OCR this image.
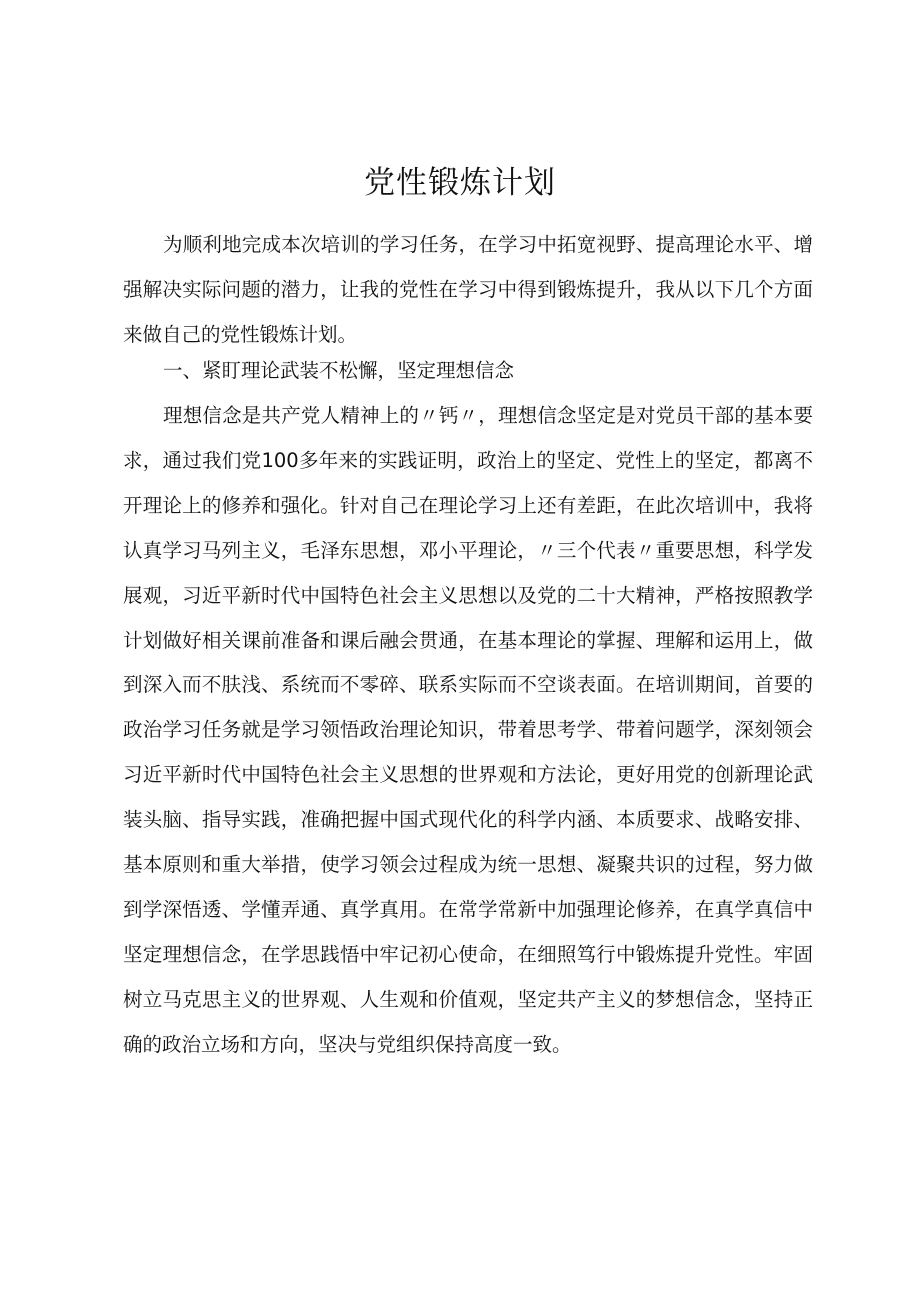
党性锻炼计划

为顺利地完成本次培训的学习任务，在学习中拓宽视野、提高理论水平、增强解决实际问题的潜力，让我的党性在学习中得到锻炼提升，我从以下几个方面来做自己的党性锻炼计划。

一、紧盯理论武装不松懈，坚定理想信念

理想信念是共产党人精神上的〃钙〃，理想信念坚定是对党员干部的基本要求，通过我们党100多年来的实践证明，政治上的坚定、党性上的坚定，都离不开理论上的修养和强化。针对自己在理论学习上还有差距，在此次培训中，我将认真学习马列主义，毛泽东思想，邓小平理论，〃三个代表〃重要思想，科学发展观，习近平新时代中国特色社会主义思想以及党的二十大精神，严格按照教学计划做好相关课前准备和课后融会贯通，在基本理论的掌握、理解和运用上，做到深入而不肤浅、系统而不零碎、联系实际而不空谈表面。在培训期间，首要的政治学习任务就是学习领悟政治理论知识，带着思考学、带着问题学，深刻领会习近平新时代中国特色社会主义思想的世界观和方法论，更好用党的创新理论武装头脑、指导实践，准确把握中国式现代化的科学内涵、本质要求、战略安排、基本原则和重大举措，使学习领会过程成为统一思想、凝聚共识的过程，努力做到学深悟透、学懂弄通、真学真用。在常学常新中加强理论修养，在真学真信中坚定理想信念，在学思践悟中牢记初心使命，在细照笃行中锻炼提升党性。牢固树立马克思主义的世界观、人生观和价值观，坚定共产主义的梦想信念，坚持正确的政治立场和方向，坚决与党组织保持高度一致。
